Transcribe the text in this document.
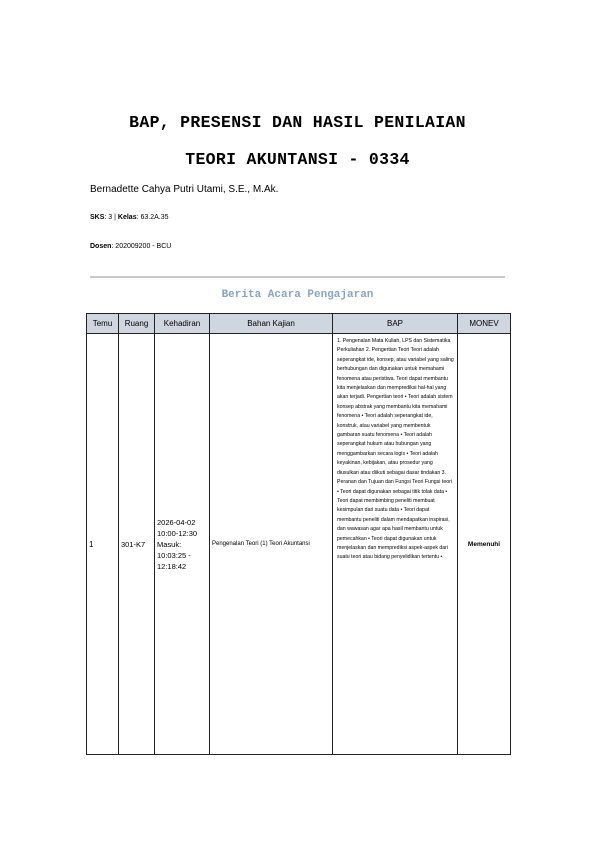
BAP, PRESENSI DAN HASIL PENILAIAN
TEORI AKUNTANSI - 0334

Bernadette Cahya Putri Utami, S.E., M.Ak.

SKS: 3 | Kelas: 63.2A.35

Dosen: 202009200 - BCU

Berita Acara Pengajaran
Temu	Ruang	Kehadiran	Bahan Kajian	BAP	MONEV
1	301-K7	2026-04-02 10:00-12:30 Masuk: 10:03:25 - 12:18:42	Pengenalan Teori (1) Teori Akuntansi	1. Pengenalan Mata Kuliah, LPS dan Sistematika Perkuliahan 2. Pengertian Teori Teori adalah seperangkat ide, konsep, atau variabel yang saling berhubungan dan digunakan untuk memahami fenomena atau peristiwa. Teori dapat membantu kita menjelaskan dan memprediksi hal-hal yang akan terjadi. Pengertian teori • Teori adalah sistem konsep abstrak yang membantu kita memahami fenomena • Teori adalah seperangkat ide, konstruk, atau variabel yang membentuk gambaran suatu fenomena • Teori adalah seperangkat hukum atau hubungan yang menggambarkan secara logis • Teori adalah keyakinan, kebijakan, atau prosedur yang diusulkan atau diikuti sebagai dasar tindakan 3. Peranan dan Tujuan dan Fungsi Teori Fungsi teori • Teori dapat digunakan sebagai titik tolak data • Teori dapat membimbing peneliti membuat kesimpulan dari suatu data • Teori dapat membantu peneliti dalam mendapatkan inspirasi, dan wawasan agar apa hasil membantu untuk pemecahkan • Teori dapat digunakan untuk menjelaskan dan memprediksi aspek-aspek dari suatu teori atau bidang penyelidikan tertentu •	Memenuhi
